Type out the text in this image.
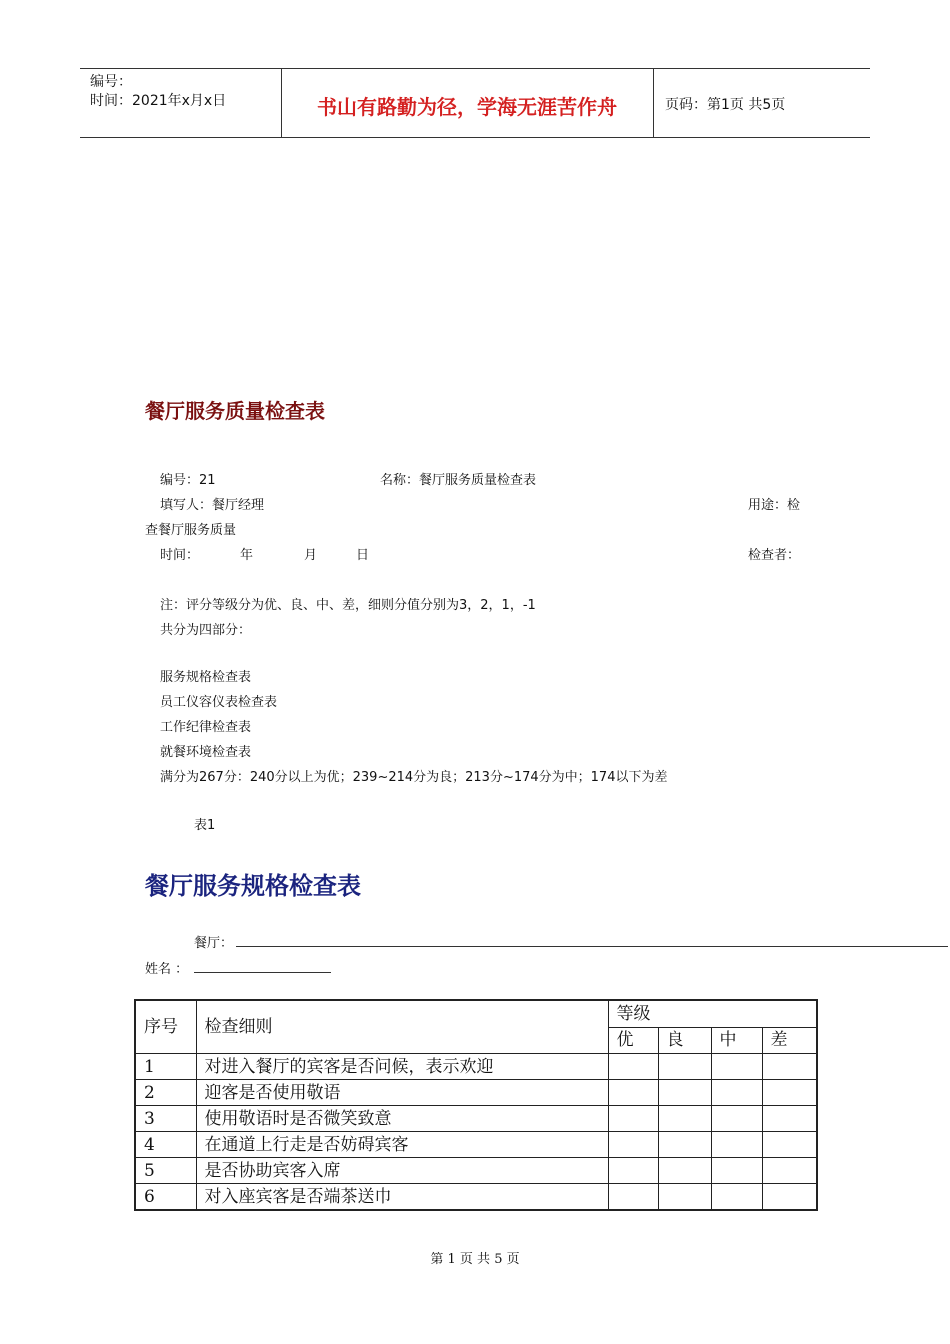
编号：
时间：2021年x月x日	书山有路勤为径，学海无涯苦作舟	页码：第1页 共5页
餐厅服务质量检查表
编号：21	名称：餐厅服务质量检查表
填写人：餐厅经理	用途：检
查餐厅服务质量
时间：	年	月	日	检查者：
注：评分等级分为优、良、中、差，细则分值分别为3，2，1，-1
共分为四部分：
服务规格检查表
员工仪容仪表检查表
工作纪律检查表
就餐环境检查表
满分为267分：240分以上为优；239~214分为良；213分~174分为中；174以下为差
表1
餐厅服务规格检查表
餐厅：
姓名 ：
序号	检查细则	等级			
		优	良	中	差
1	对进入餐厅的宾客是否问候，表示欢迎				
2	迎客是否使用敬语				
3	使用敬语时是否微笑致意				
4	在通道上行走是否妨碍宾客				
5	是否协助宾客入席				
6	对入座宾客是否端茶送巾				
第 1 页 共 5 页
